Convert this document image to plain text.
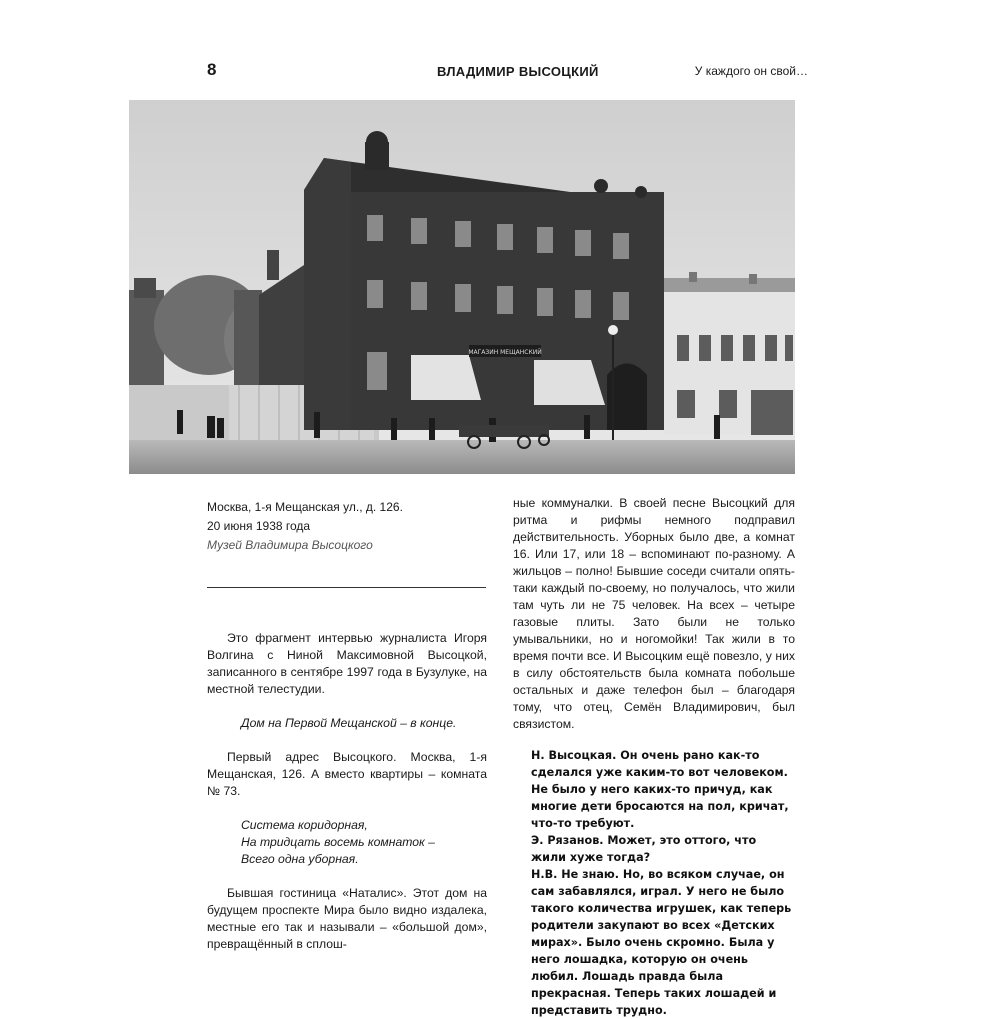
8	ВЛАДИМИР ВЫСОЦКИЙ	У каждого он свой…
МАГАЗИН МЕЩАНСКИЙ
Москва, 1-я Мещанская ул., д. 126.
20 июня 1938 года
Музей Владимира Высоцкого

Это фрагмент интервью журналиста Игоря Волгина с Ниной Максимовной Высоцкой, записанного в сентябре 1997 года в Бузулуке, на местной телестудии.

Дом на Первой Мещанской – в конце.

Первый адрес Высоцкого. Москва, 1-я Мещанская, 126. А вместо квартиры – комната № 73.

Система коридорная,

На тридцать восемь комнаток –

Всего одна уборная.

Бывшая гостиница «Наталис». Этот дом на будущем проспекте Мира было видно издалека, местные его так и называли – «большой дом», превращённый в сплош-

ные коммуналки. В своей песне Высоцкий для ритма и рифмы немного подправил действительность. Уборных было две, а комнат 16. Или 17, или 18 – вспоминают по-разному. А жильцов – полно! Бывшие соседи считали опять-таки каждый по-своему, но получалось, что жили там чуть ли не 75 человек. На всех – четыре газовые плиты. Зато были не только умывальники, но и ногомойки! Так жили в то время почти все. И Высоцким ещё повезло, у них в силу обстоятельств была комната побольше остальных и даже телефон был – благодаря тому, что отец, Семён Владимирович, был связистом.

Н. Высоцкая. Он очень рано как-то сделался уже каким-то вот человеком. Не было у него каких-то причуд, как многие дети бросаются на пол, кричат, что-то требуют.

Э. Рязанов. Может, это оттого, что жили хуже тогда?

Н.В. Не знаю. Но, во всяком случае, он сам забавлялся, играл. У него не было такого количества игрушек, как теперь родители закупают во всех «Детских мирах». Было очень скромно. Была у него лошадка, которую он очень любил. Лошадь правда была прекрасная. Теперь таких лошадей и представить трудно.
